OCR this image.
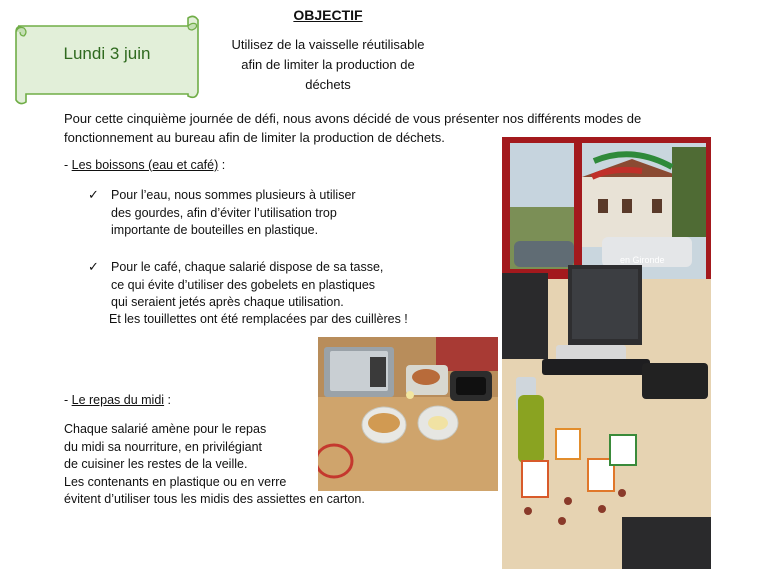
Lundi 3 juin
OBJECTIF
Utilisez de la vaisselle réutilisable
afin de limiter la production de
déchets
Pour cette cinquième journée de défi, nous avons décidé de vous présenter nos différents modes de
fonctionnement au bureau afin de limiter la production de déchets.
- Les boissons (eau et café) :
✓ Pour l’eau, nous sommes plusieurs à utiliser
des gourdes, afin d’éviter l’utilisation trop
importante de bouteilles en plastique.
✓ Pour le café, chaque salarié dispose de sa tasse,
ce qui évite d’utiliser des gobelets en plastiques
qui seraient jetés après chaque utilisation.
Et les touillettes ont été remplacées par des cuillères !
- Le repas du midi :
Chaque salarié amène pour le repas
du midi sa nourriture, en privilégiant
de cuisiner les restes de la veille.
Les contenants en plastique ou en verre
évitent d’utiliser tous les midis des assiettes en carton.
en Gironde
